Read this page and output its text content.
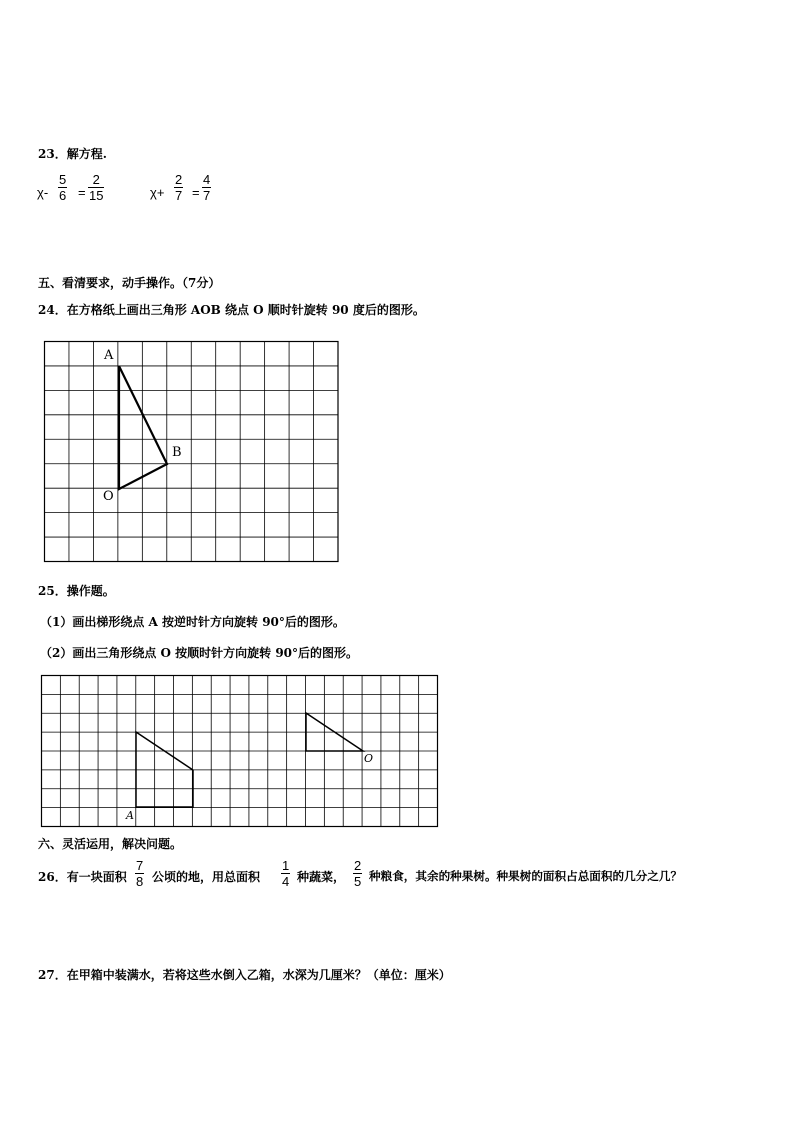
23．解方程.
χ-
5
6 =
2
15	χ+
2
7 =
4
7
五、看清要求，动手操作。（7分）
24．在方格纸上画出三角形 AOB 绕点 O 顺时针旋转 90 度后的图形。
A
B
O
25．操作题。
（1）画出梯形绕点 A 按逆时针方向旋转 90°后的图形。
（2）画出三角形绕点 O 按顺时针方向旋转 90°后的图形。
A
O
六、灵活运用，解决问题。
26．有一块面积
7
8 公顷的地，用总面积
1
4 种蔬菜，
2
5 种粮食，其余的种果树。种果树的面积占总面积的几分之几？
27．在甲箱中装满水，若将这些水倒入乙箱，水深为几厘米？（单位：厘米）
